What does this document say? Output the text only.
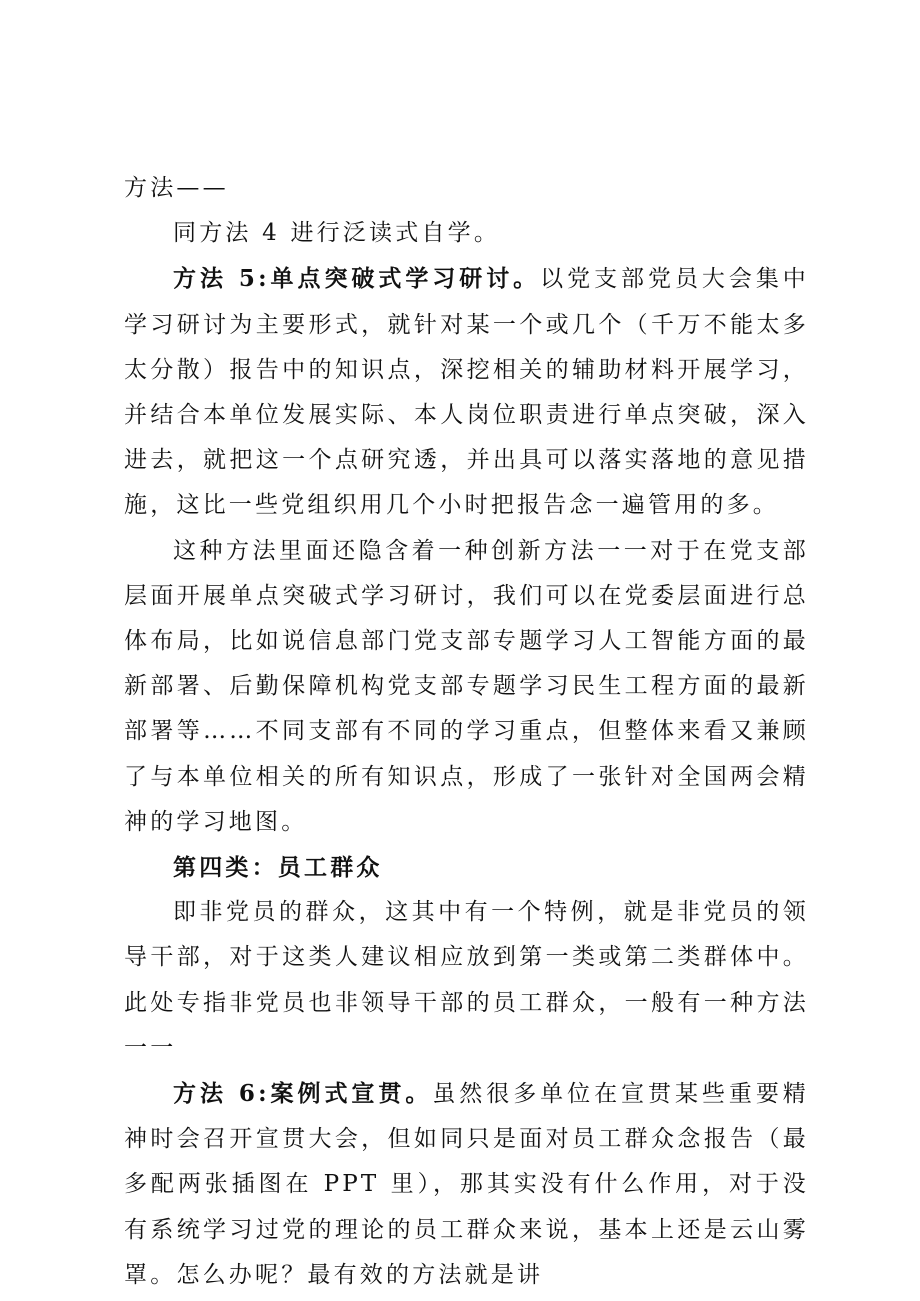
方法——

同方法 4 进行泛读式自学。

方法 5:单点突破式学习研讨。以党支部党员大会集中学习研讨为主要形式，就针对某一个或几个（千万不能太多太分散）报告中的知识点，深挖相关的辅助材料开展学习，并结合本单位发展实际、本人岗位职责进行单点突破，深入进去，就把这一个点研究透，并出具可以落实落地的意见措施，这比一些党组织用几个小时把报告念一遍管用的多。

这种方法里面还隐含着一种创新方法一一对于在党支部层面开展单点突破式学习研讨，我们可以在党委层面进行总体布局，比如说信息部门党支部专题学习人工智能方面的最新部署、后勤保障机构党支部专题学习民生工程方面的最新部署等……不同支部有不同的学习重点，但整体来看又兼顾了与本单位相关的所有知识点，形成了一张针对全国两会精神的学习地图。

第四类：员工群众

即非党员的群众，这其中有一个特例，就是非党员的领导干部，对于这类人建议相应放到第一类或第二类群体中。此处专指非党员也非领导干部的员工群众，一般有一种方法一一

方法 6:案例式宣贯。虽然很多单位在宣贯某些重要精神时会召开宣贯大会，但如同只是面对员工群众念报告（最多配两张插图在 PPT 里），那其实没有什么作用，对于没有系统学习过党的理论的员工群众来说，基本上还是云山雾罩。怎么办呢？最有效的方法就是讲
